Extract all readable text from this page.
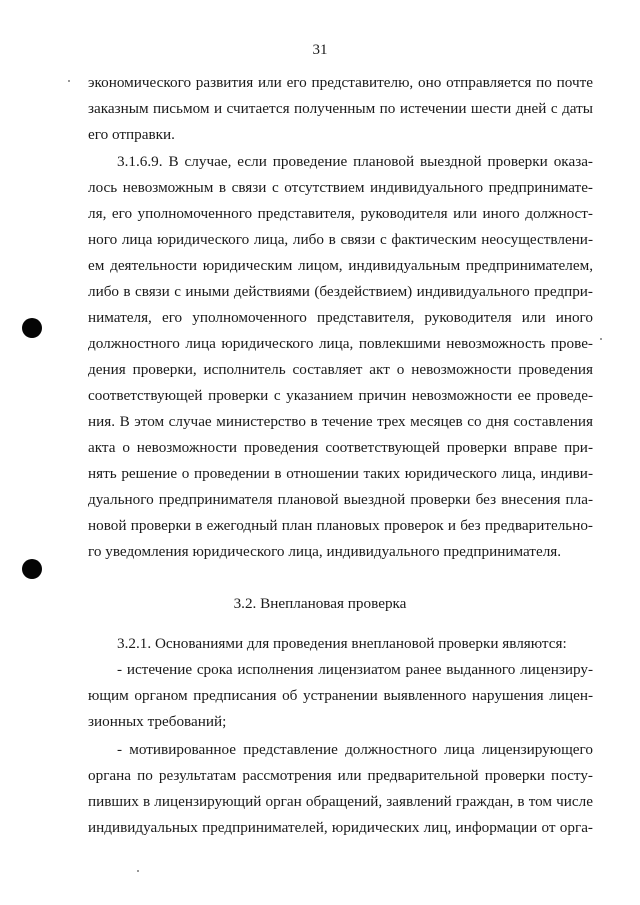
31
экономического развития или его представителю, оно отправляется по почте
заказным письмом и считается полученным по истечении шести дней с даты
его отправки.
3.1.6.9. В случае, если проведение плановой выездной проверки оказа-
лось невозможным в связи с отсутствием индивидуального предпринимате-
ля, его уполномоченного представителя, руководителя или иного должност-
ного лица юридического лица, либо в связи с фактическим неосуществлени-
ем деятельности юридическим лицом, индивидуальным предпринимателем,
либо в связи с иными действиями (бездействием) индивидуального предпри-
нимателя, его уполномоченного представителя, руководителя или иного
должностного лица юридического лица, повлекшими невозможность прове-
дения проверки, исполнитель составляет акт о невозможности проведения
соответствующей проверки с указанием причин невозможности ее проведе-
ния. В этом случае министерство в течение трех месяцев со дня составления
акта о невозможности проведения соответствующей проверки вправе при-
нять решение о проведении в отношении таких юридического лица, индиви-
дуального предпринимателя плановой выездной проверки без внесения пла-
новой проверки в ежегодный план плановых проверок и без предварительно-
го уведомления юридического лица, индивидуального предпринимателя.
3.2. Внеплановая проверка
3.2.1. Основаниями для проведения внеплановой проверки являются:
- истечение срока исполнения лицензиатом ранее выданного лицензиру-
ющим органом предписания об устранении выявленного нарушения лицен-
зионных требований;
- мотивированное представление должностного лица лицензирующего
органа по результатам рассмотрения или предварительной проверки посту-
пивших в лицензирующий орган обращений, заявлений граждан, в том числе
индивидуальных предпринимателей, юридических лиц, информации от орга-
